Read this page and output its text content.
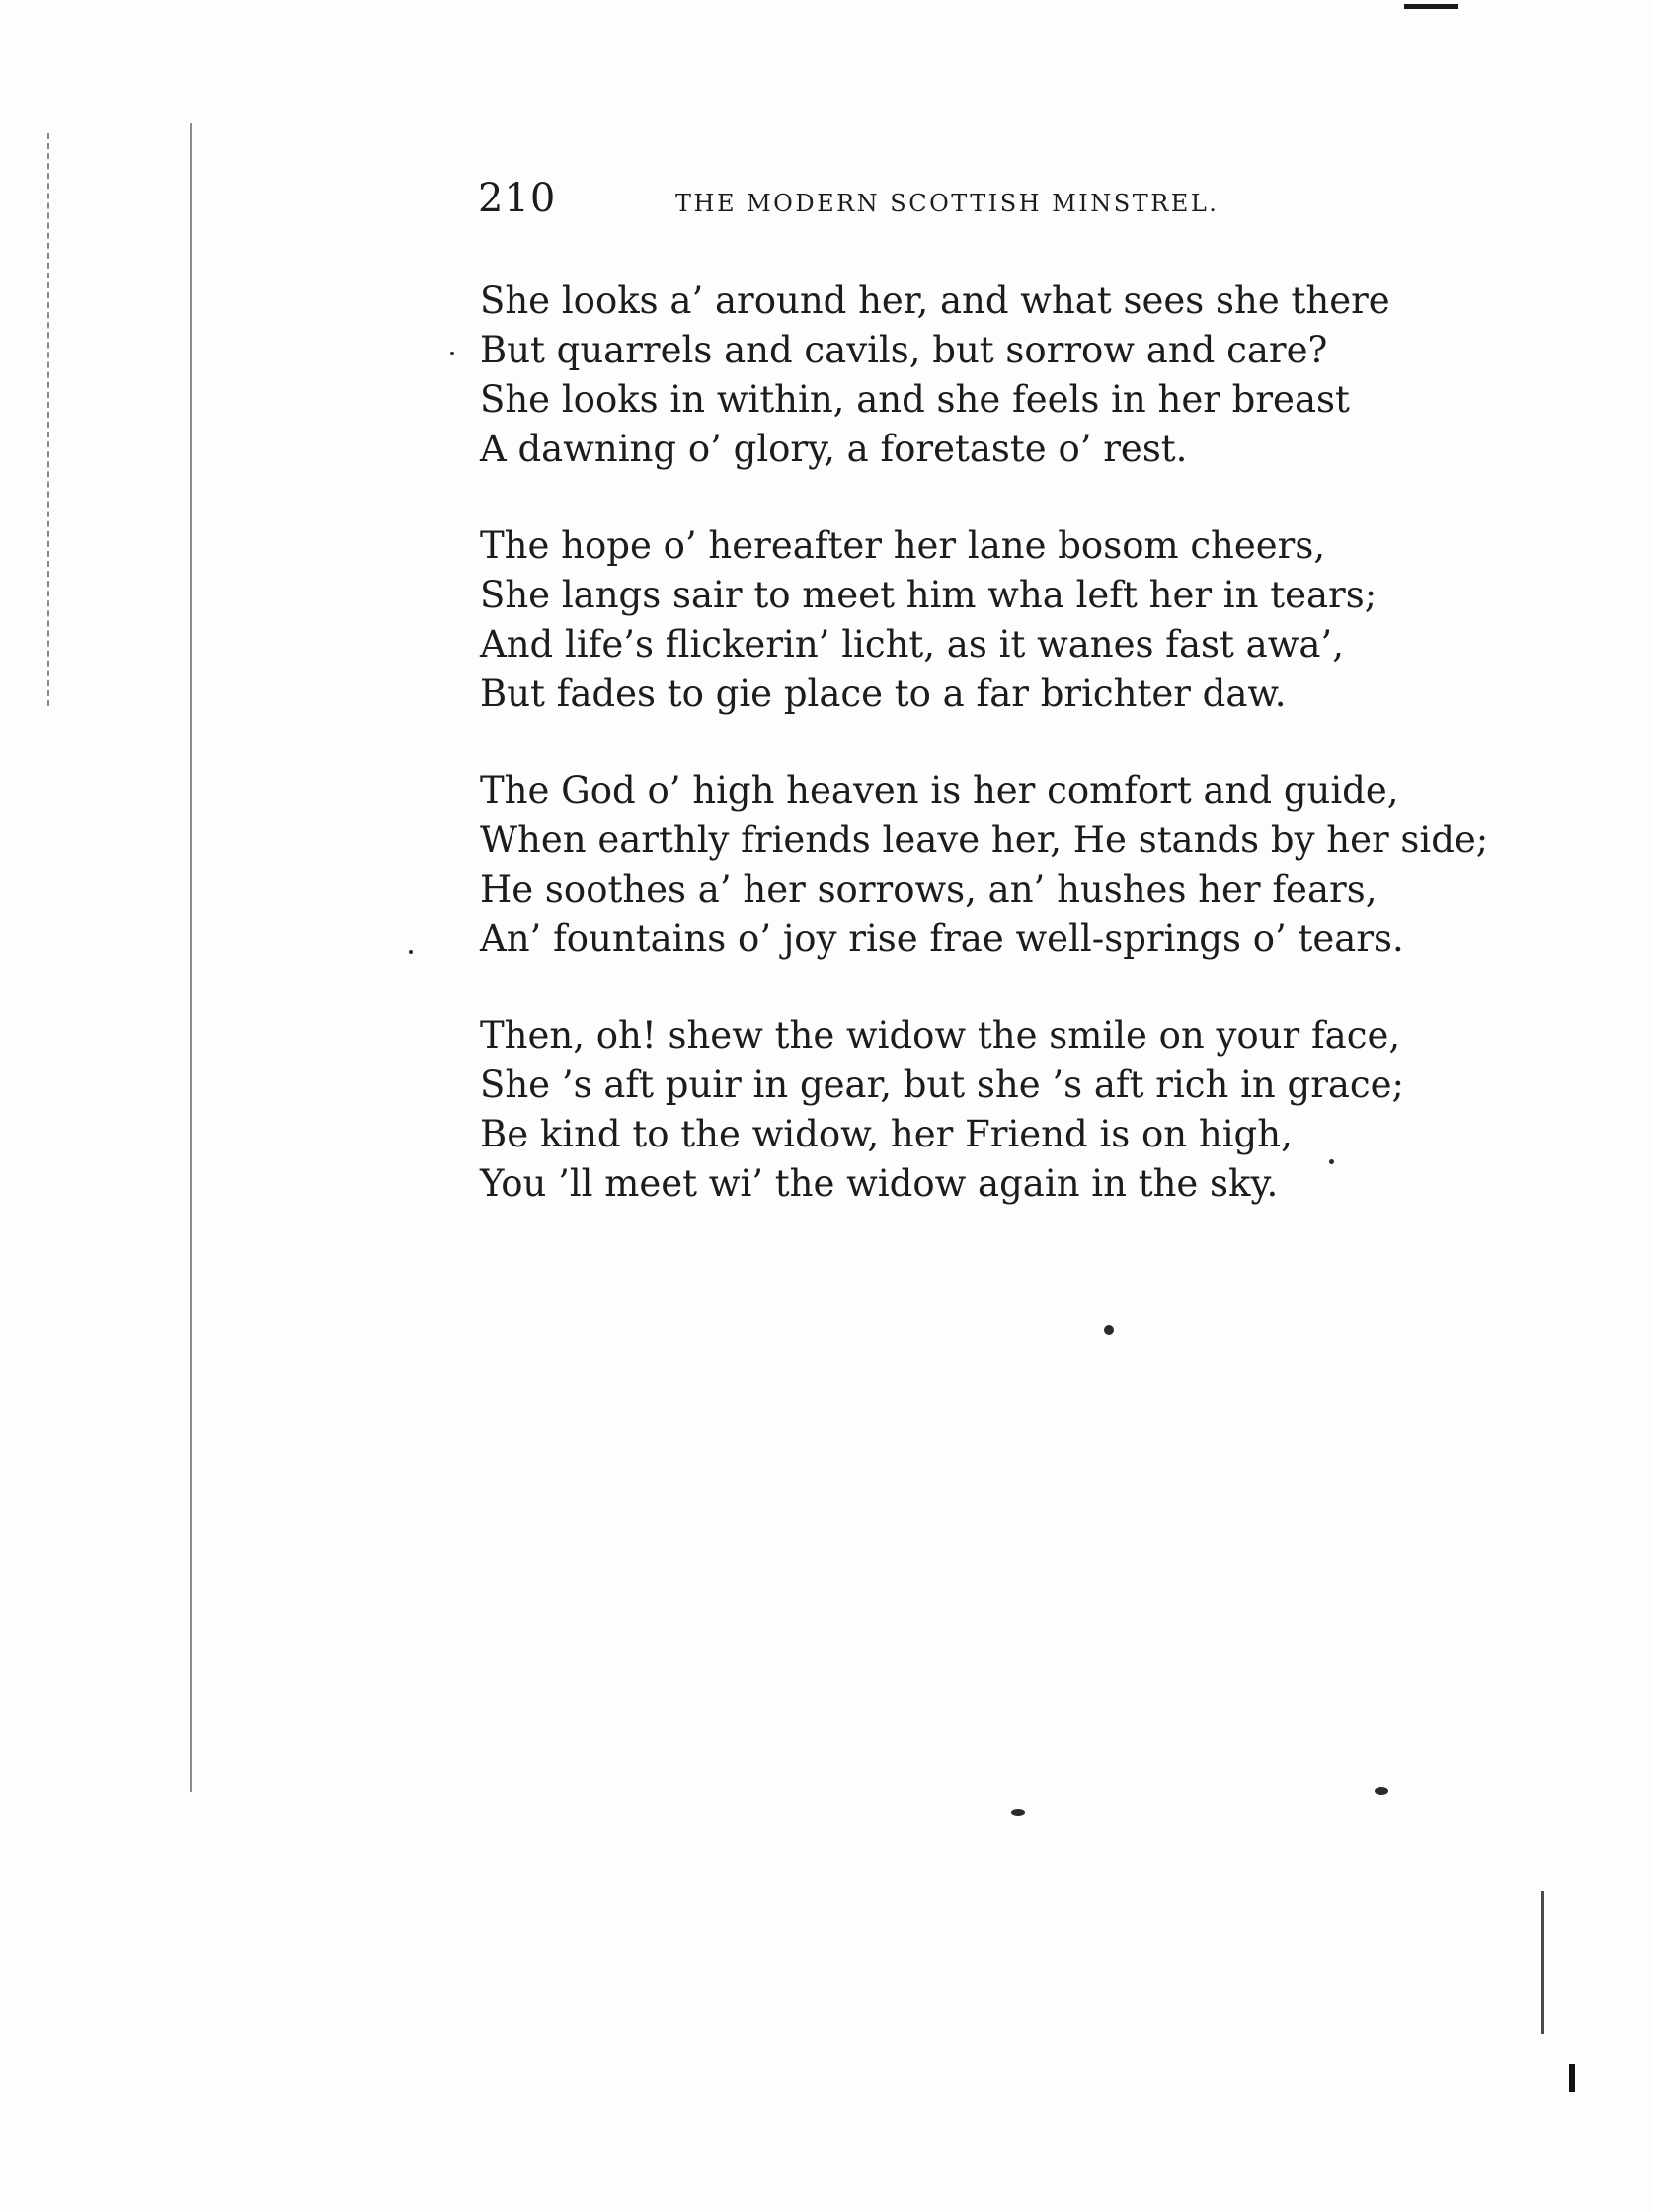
210	THE MODERN SCOTTISH MINSTREL.
She looks a’ around her, and what sees she there
But quarrels and cavils, but sorrow and care?
She looks in within, and she feels in her breast
A dawning o’ glory, a foretaste o’ rest.
The hope o’ hereafter her lane bosom cheers,
She langs sair to meet him wha left her in tears;
And life’s flickerin’ licht, as it wanes fast awa’,
But fades to gie place to a far brichter daw.
The God o’ high heaven is her comfort and guide,
When earthly friends leave her, He stands by her side;
He soothes a’ her sorrows, an’ hushes her fears,
An’ fountains o’ joy rise frae well-springs o’ tears.
Then, oh! shew the widow the smile on your face,
She ’s aft puir in gear, but she ’s aft rich in grace;
Be kind to the widow, her Friend is on high,
You ’ll meet wi’ the widow again in the sky.
